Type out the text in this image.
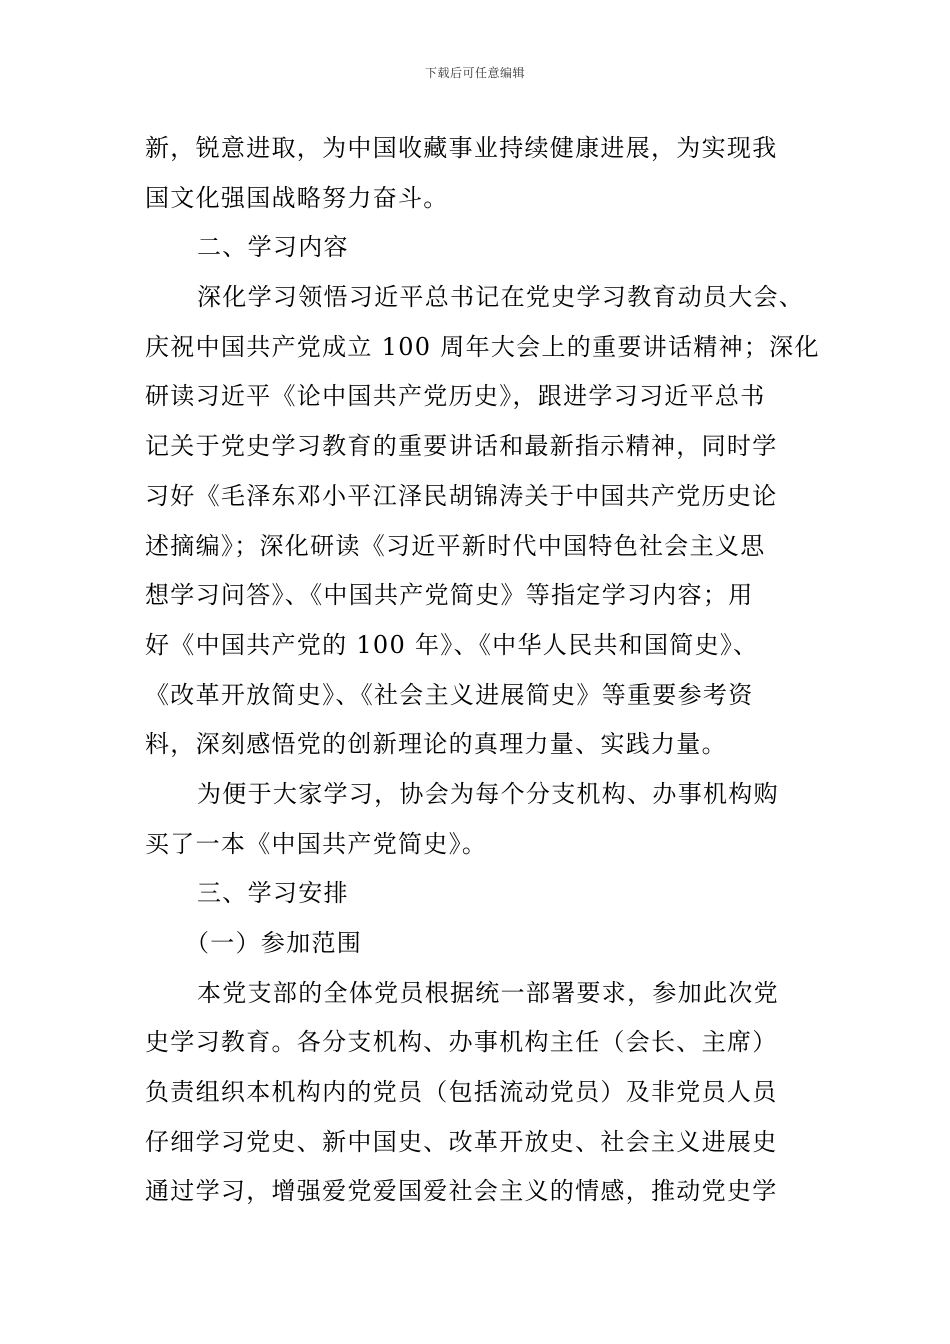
下载后可任意编辑
新，锐意进取，为中国收藏事业持续健康进展，为实现我
国文化强国战略努力奋斗。
二、学习内容
深化学习领悟习近平总书记在党史学习教育动员大会、
庆祝中国共产党成立 100 周年大会上的重要讲话精神；深化
研读习近平《论中国共产党历史》，跟进学习习近平总书
记关于党史学习教育的重要讲话和最新指示精神，同时学
习好《毛泽东邓小平江泽民胡锦涛关于中国共产党历史论
述摘编》；深化研读《习近平新时代中国特色社会主义思
想学习问答》、《中国共产党简史》等指定学习内容；用
好《中国共产党的 100 年》、《中华人民共和国简史》、
《改革开放简史》、《社会主义进展简史》等重要参考资
料，深刻感悟党的创新理论的真理力量、实践力量。
为便于大家学习，协会为每个分支机构、办事机构购
买了一本《中国共产党简史》。
三、学习安排
（一）参加范围
本党支部的全体党员根据统一部署要求，参加此次党
史学习教育。各分支机构、办事机构主任（会长、主席）
负责组织本机构内的党员（包括流动党员）及非党员人员
仔细学习党史、新中国史、改革开放史、社会主义进展史
通过学习，增强爱党爱国爱社会主义的情感，推动党史学
